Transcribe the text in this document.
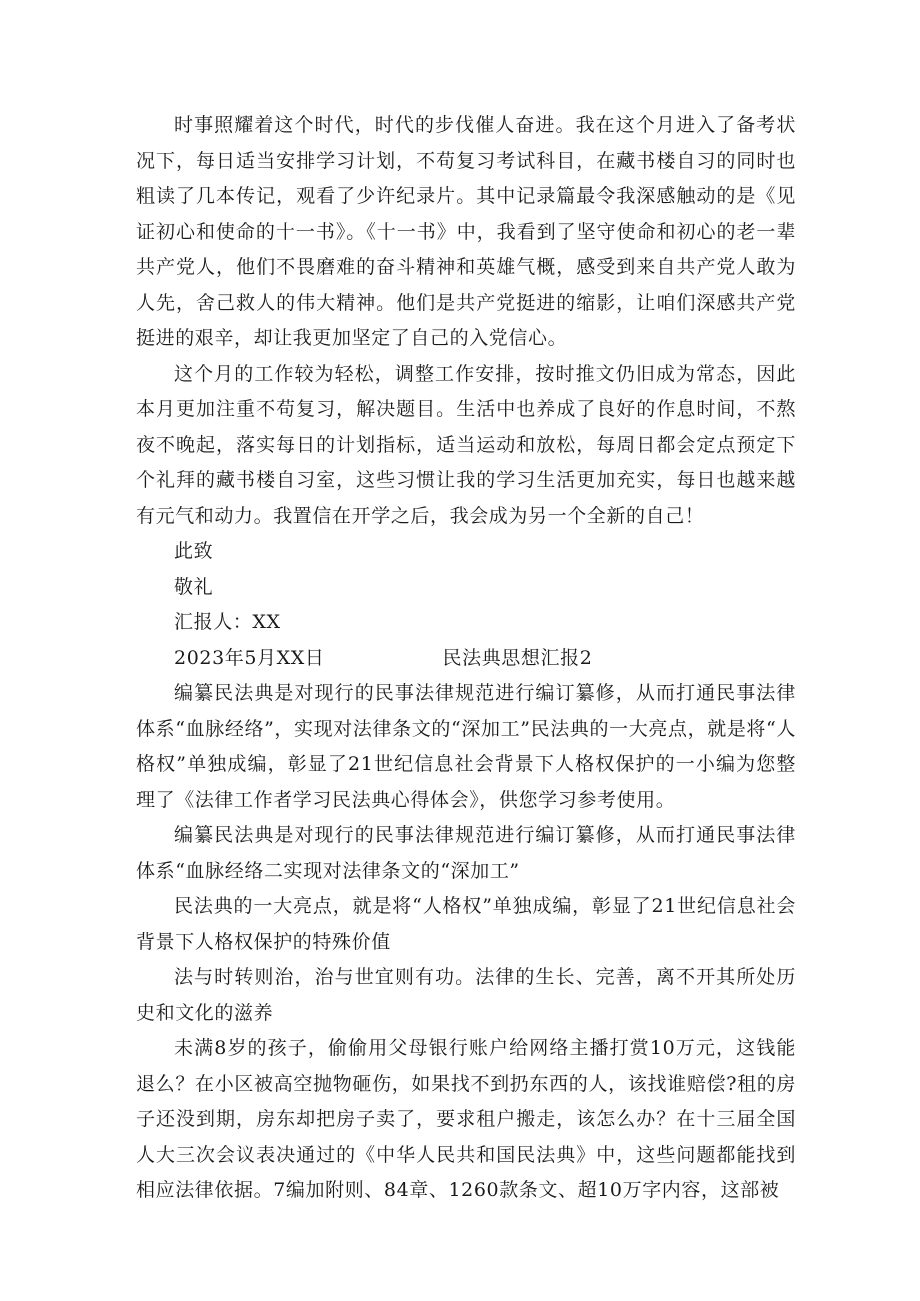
时事照耀着这个时代，时代的步伐催人奋进。我在这个月进入了备考状况下，每日适当安排学习计划，不苟复习考试科目，在藏书楼自习的同时也粗读了几本传记，观看了少许纪录片。其中记录篇最令我深感触动的是《见证初心和使命的十一书》。《十一书》中，我看到了坚守使命和初心的老一辈共产党人，他们不畏磨难的奋斗精神和英雄气概，感受到来自共产党人敢为人先，舍己救人的伟大精神。他们是共产党挺进的缩影，让咱们深感共产党挺进的艰辛，却让我更加坚定了自己的入党信心。

这个月的工作较为轻松，调整工作安排，按时推文仍旧成为常态，因此本月更加注重不苟复习，解决题目。生活中也养成了良好的作息时间，不熬夜不晚起，落实每日的计划指标，适当运动和放松，每周日都会定点预定下个礼拜的藏书楼自习室，这些习惯让我的学习生活更加充实，每日也越来越有元气和动力。我置信在开学之后，我会成为另一个全新的自己！

此致

敬礼

汇报人：XX

2023年5月XX日	民法典思想汇报2

编纂民法典是对现行的民事法律规范进行编订纂修，从而打通民事法律体系“血脉经络”，实现对法律条文的“深加工”民法典的一大亮点，就是将“人格权”单独成编，彰显了21世纪信息社会背景下人格权保护的一小编为您整理了《法律工作者学习民法典心得体会》，供您学习参考使用。

编纂民法典是对现行的民事法律规范进行编订纂修，从而打通民事法律体系“血脉经络二实现对法律条文的“深加工”

民法典的一大亮点，就是将“人格权”单独成编，彰显了21世纪信息社会背景下人格权保护的特殊价值

法与时转则治，治与世宜则有功。法律的生长、完善，离不开其所处历史和文化的滋养

未满8岁的孩子，偷偷用父母银行账户给网络主播打赏10万元，这钱能退么？在小区被高空抛物砸伤，如果找不到扔东西的人，该找谁赔偿?租的房子还没到期，房东却把房子卖了，要求租户搬走，该怎么办？在十三届全国人大三次会议表决通过的《中华人民共和国民法典》中，这些问题都能找到相应法律依据。7编加附则、84章、1260款条文、超10万字内容，这部被
